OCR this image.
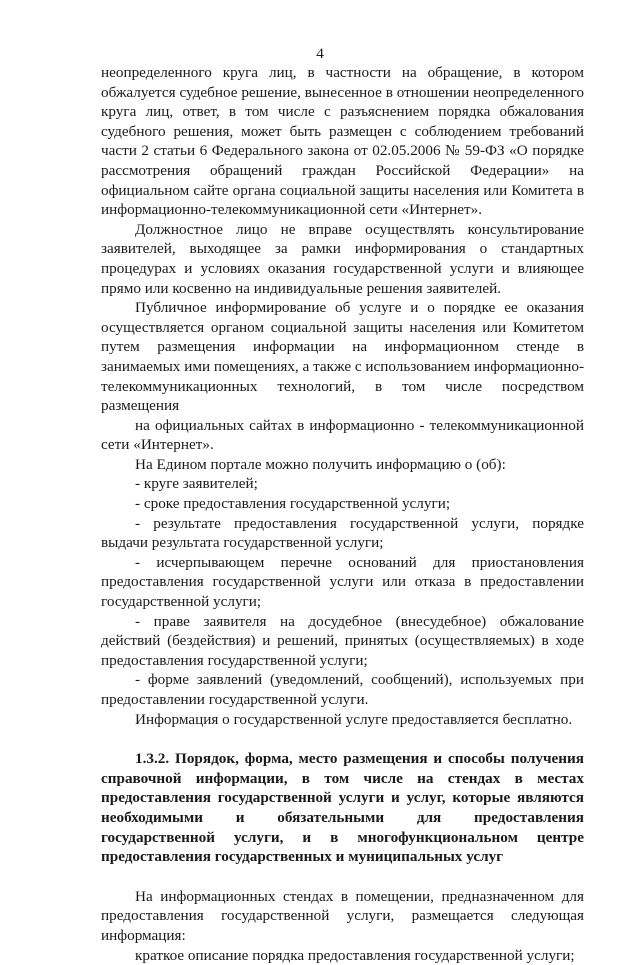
4

неопределенного круга лиц, в частности на обращение, в котором обжалуется судебное решение, вынесенное в отношении неопределенного круга лиц, ответ, в том числе с разъяснением порядка обжалования судебного решения, может быть размещен с соблюдением требований части 2 статьи 6 Федерального закона от 02.05.2006 № 59-ФЗ «О порядке рассмотрения обращений граждан Российской Федерации» на официальном сайте органа социальной защиты населения или Комитета в информационно-телекоммуникационной сети «Интернет».

Должностное лицо не вправе осуществлять консультирование заявителей, выходящее за рамки информирования о стандартных процедурах и условиях оказания государственной услуги и влияющее прямо или косвенно на индивидуальные решения заявителей.

Публичное информирование об услуге и о порядке ее оказания осуществляется органом социальной защиты населения или Комитетом путем размещения информации на информационном стенде в занимаемых ими помещениях, а также с использованием информационно-телекоммуникационных технологий, в том числе посредством размещения

на официальных сайтах в информационно - телекоммуникационной сети «Интернет».

На Едином портале можно получить информацию о (об):

- круге заявителей;

- сроке предоставления государственной услуги;

- результате предоставления государственной услуги, порядке выдачи результата государственной услуги;

- исчерпывающем перечне оснований для приостановления предоставления государственной услуги или отказа в предоставлении государственной услуги;

- праве заявителя на досудебное (внесудебное) обжалование действий (бездействия) и решений, принятых (осуществляемых) в ходе предоставления государственной услуги;

- форме заявлений (уведомлений, сообщений), используемых при предоставлении государственной услуги.

Информация о государственной услуге предоставляется бесплатно.

1.3.2. Порядок, форма, место размещения и способы получения справочной информации, в том числе на стендах в местах предоставления государственной услуги и услуг, которые являются необходимыми и обязательными для предоставления государственной услуги, и в многофункциональном центре предоставления государственных и муниципальных услуг

На информационных стендах в помещении, предназначенном для предоставления государственной услуги, размещается следующая информация:

краткое описание порядка предоставления государственной услуги;
